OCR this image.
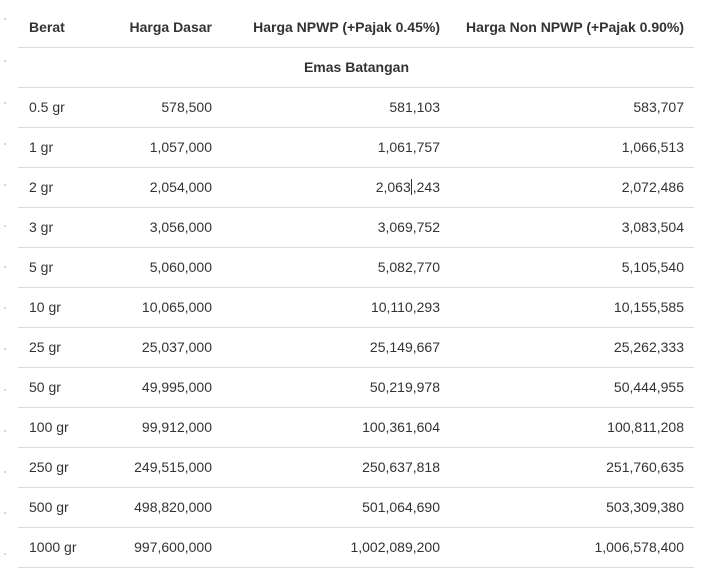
Berat	Harga Dasar	Harga NPWP (+Pajak 0.45%)	Harga Non NPWP (+Pajak 0.90%)
Emas Batangan			
0.5 gr	578,500	581,103	583,707
1 gr	1,057,000	1,061,757	1,066,513
2 gr	2,054,000	2,063 ,243	2,072,486
3 gr	3,056,000	3,069,752	3,083,504
5 gr	5,060,000	5,082,770	5,105,540
10 gr	10,065,000	10,110,293	10,155,585
25 gr	25,037,000	25,149,667	25,262,333
50 gr	49,995,000	50,219,978	50,444,955
100 gr	99,912,000	100,361,604	100,811,208
250 gr	249,515,000	250,637,818	251,760,635
500 gr	498,820,000	501,064,690	503,309,380
1000 gr	997,600,000	1,002,089,200	1,006,578,400
